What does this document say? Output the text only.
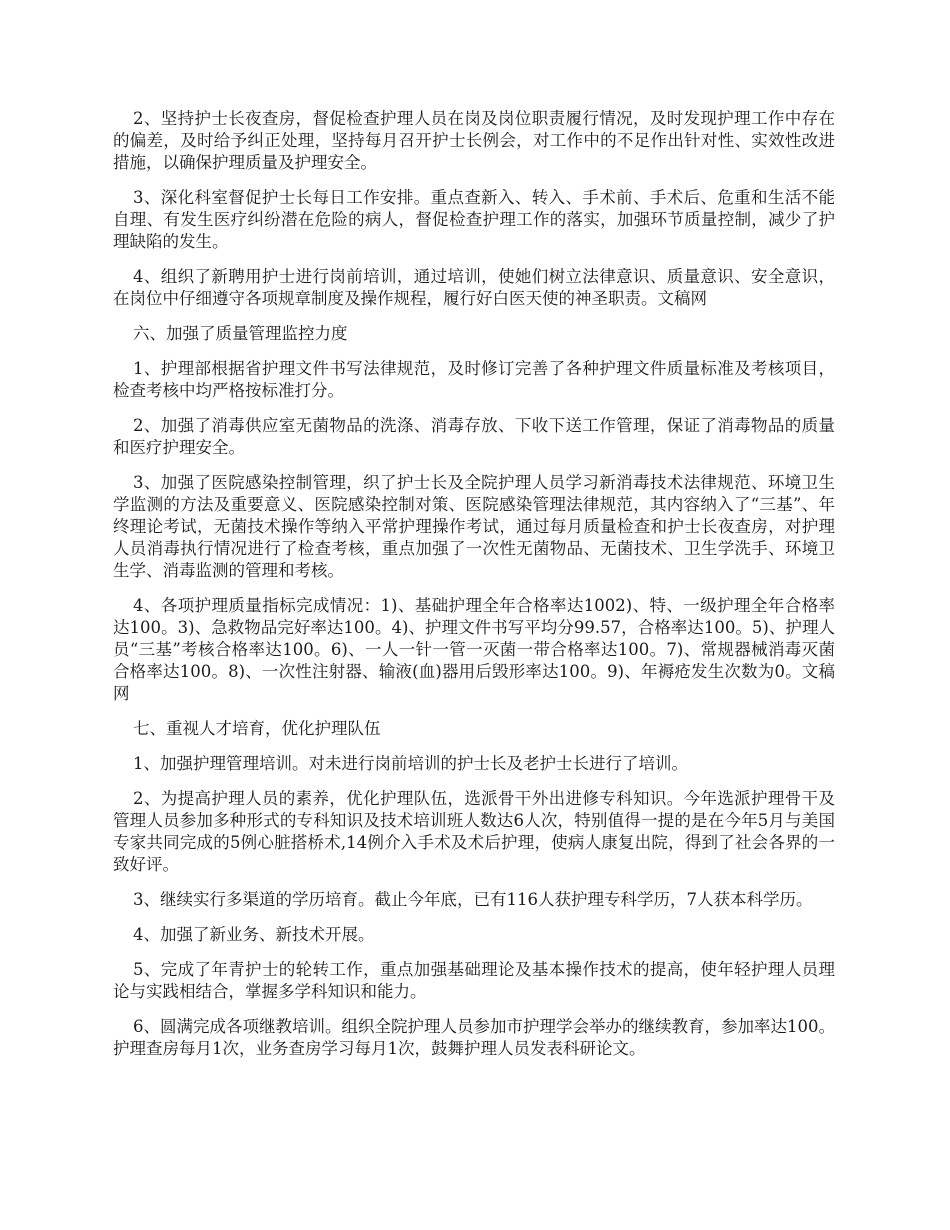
2、坚持护士长夜查房，督促检查护理人员在岗及岗位职责履行情况，及时发现护理工作中存在的偏差，及时给予纠正处理，坚持每月召开护士长例会，对工作中的不足作出针对性、实效性改进措施，以确保护理质量及护理安全。

3、深化科室督促护士长每日工作安排。重点查新入、转入、手术前、手术后、危重和生活不能自理、有发生医疗纠纷潜在危险的病人，督促检查护理工作的落实，加强环节质量控制，减少了护理缺陷的发生。

4、组织了新聘用护士进行岗前培训，通过培训，使她们树立法律意识、质量意识、安全意识，在岗位中仔细遵守各项规章制度及操作规程，履行好白医天使的神圣职责。文稿网

六、加强了质量管理监控力度

1、护理部根据省护理文件书写法律规范，及时修订完善了各种护理文件质量标准及考核项目，检查考核中均严格按标准打分。

2、加强了消毒供应室无菌物品的洗涤、消毒存放、下收下送工作管理，保证了消毒物品的质量和医疗护理安全。

3、加强了医院感染控制管理，织了护士长及全院护理人员学习新消毒技术法律规范、环境卫生学监测的方法及重要意义、医院感染控制对策、医院感染管理法律规范，其内容纳入了“三基”、年终理论考试，无菌技术操作等纳入平常护理操作考试，通过每月质量检查和护士长夜查房，对护理人员消毒执行情况进行了检查考核，重点加强了一次性无菌物品、无菌技术、卫生学洗手、环境卫生学、消毒监测的管理和考核。

4、各项护理质量指标完成情况：1)、基础护理全年合格率达1002)、特、一级护理全年合格率达100。3)、急救物品完好率达100。4)、护理文件书写平均分99.57，合格率达100。5)、护理人员“三基”考核合格率达100。6)、一人一针一管一灭菌一带合格率达100。7)、常规器械消毒灭菌合格率达100。8)、一次性注射器、输液(血)器用后毁形率达100。9)、年褥疮发生次数为0。文稿网

七、重视人才培育，优化护理队伍

1、加强护理管理培训。对未进行岗前培训的护士长及老护士长进行了培训。

2、为提高护理人员的素养，优化护理队伍，选派骨干外出进修专科知识。今年选派护理骨干及管理人员参加多种形式的专科知识及技术培训班人数达6人次，特别值得一提的是在今年5月与美国专家共同完成的5例心脏搭桥术,14例介入手术及术后护理，使病人康复出院，得到了社会各界的一致好评。

3、继续实行多渠道的学历培育。截止今年底，已有116人获护理专科学历，7人获本科学历。

4、加强了新业务、新技术开展。

5、完成了年青护士的轮转工作，重点加强基础理论及基本操作技术的提高，使年轻护理人员理论与实践相结合，掌握多学科知识和能力。

6、圆满完成各项继教培训。组织全院护理人员参加市护理学会举办的继续教育，参加率达100。护理查房每月1次，业务查房学习每月1次，鼓舞护理人员发表科研论文。
